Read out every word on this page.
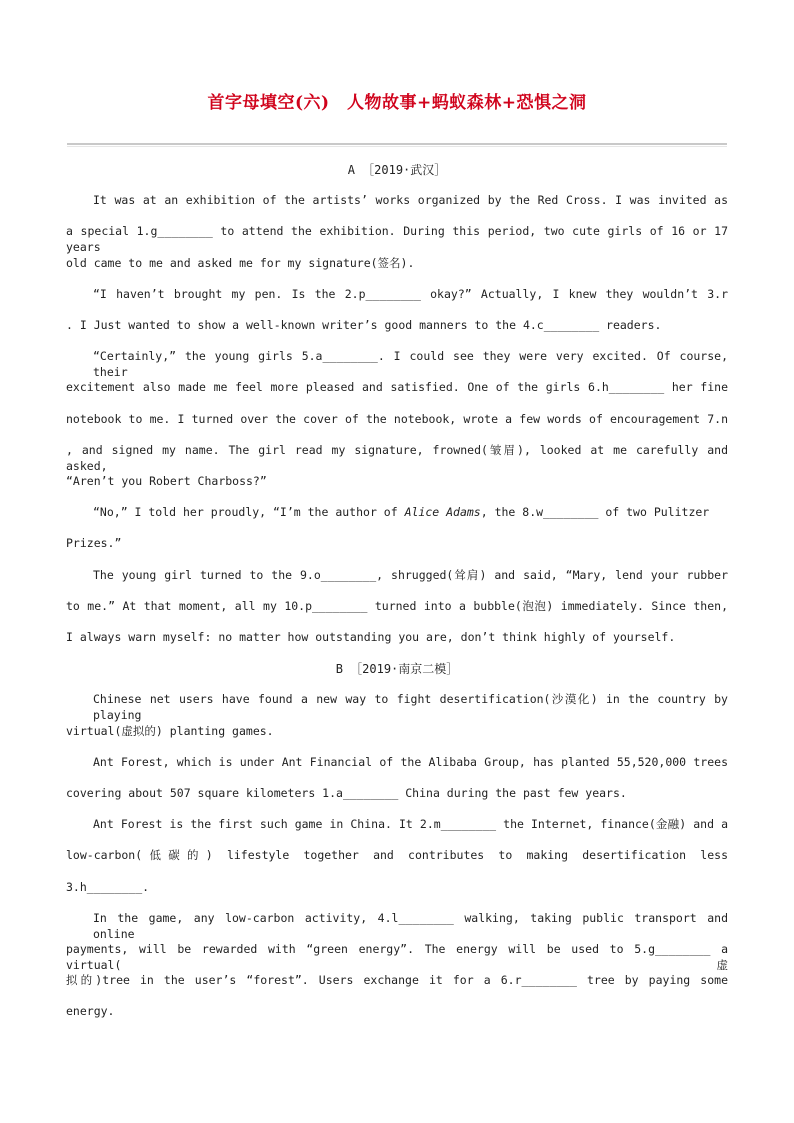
首字母填空(六)　人物故事+蚂蚁森林+恐惧之洞
A ［2019·武汉］
It was at an exhibition of the artists’ works organized by the Red Cross. I was invited as
a special 1.g________ to attend the exhibition. During this period, two cute girls of 16 or 17 years
old came to me and asked me for my signature(签名).
“I haven’t brought my pen. Is the 2.p________ okay?” Actually, I knew they wouldn’t 3.r
. I Just wanted to show a well-known writer’s good manners to the 4.c________ readers.
“Certainly,” the young girls 5.a________. I could see they were very excited. Of course, their
excitement also made me feel more pleased and satisfied. One of the girls 6.h________ her fine
notebook to me. I turned over the cover of the notebook, wrote a few words of encouragement 7.n
, and signed my name. The girl read my signature, frowned(皱眉), looked at me carefully and asked,
“Aren’t you Robert Charboss?”
“No,” I told her proudly, “I’m the author of Alice Adams, the 8.w________ of two Pulitzer
Prizes.”
The young girl turned to the 9.o________, shrugged(耸肩) and said, “Mary, lend your rubber
to me.” At that moment, all my 10.p________ turned into a bubble(泡泡) immediately. Since then,
I always warn myself: no matter how outstanding you are, don’t think highly of yourself.
B ［2019·南京二模］
Chinese net users have found a new way to fight desertification(沙漠化) in the country by playing
virtual(虚拟的) planting games.
Ant Forest, which is under Ant Financial of the Alibaba Group, has planted 55,520,000 trees
covering about 507 square kilometers 1.a________ China during the past few years.
Ant Forest is the first such game in China. It 2.m________ the Internet, finance(金融) and a
low-carbon(低碳的) lifestyle together and contributes to making desertification less
3.h________.
In the game, any low-carbon activity, 4.l________ walking, taking public transport and online
payments, will be rewarded with “green energy”. The energy will be used to 5.g________ a virtual(虚
拟的)tree in the user’s “forest”. Users exchange it for a 6.r________ tree by paying some
energy.
